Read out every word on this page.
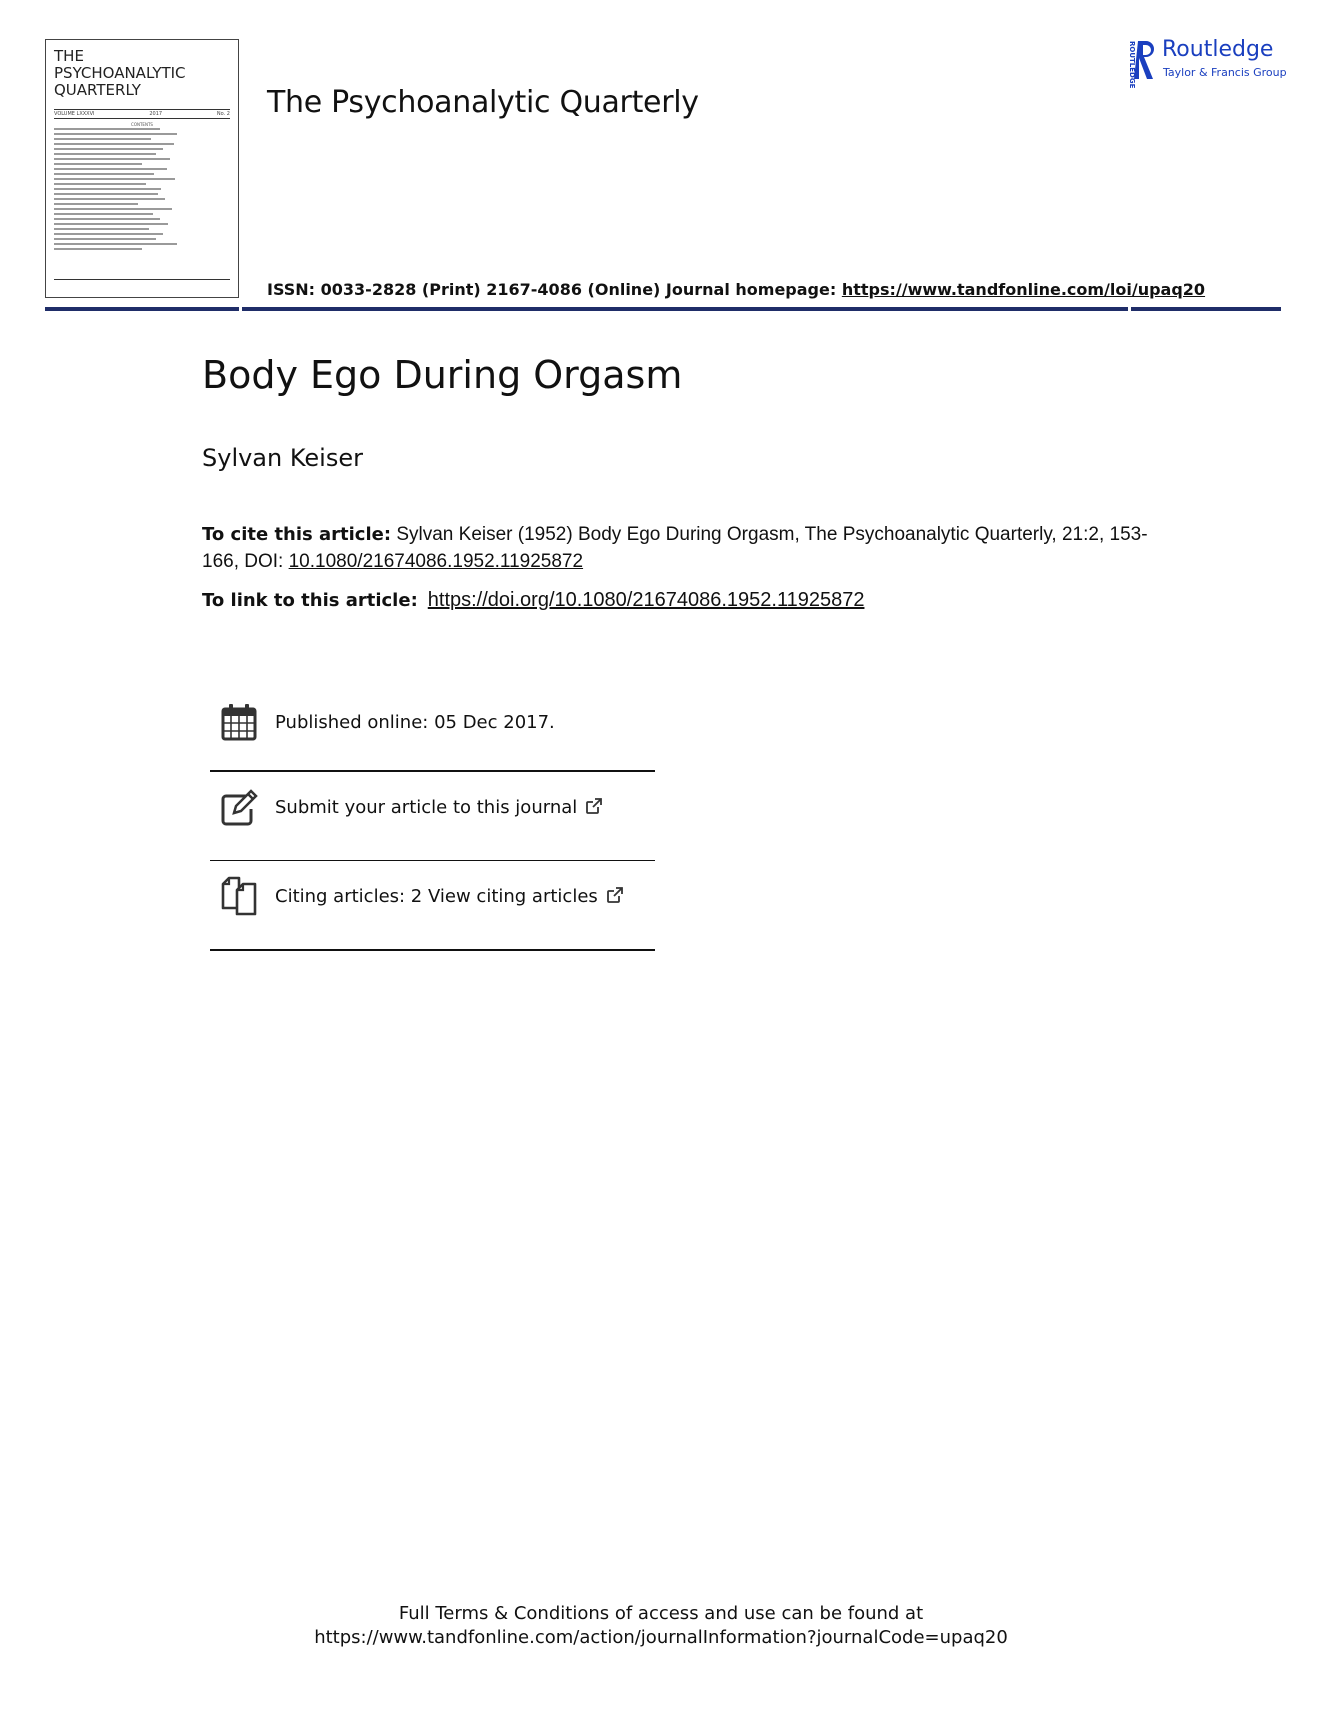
THE
PSYCHOANALYTIC
QUARTERLY
VOLUME LXXXVI	2017	No. 2
CONTENTS

The Psychoanalytic Quarterly
ISSN: 0033-2828 (Print) 2167-4086 (Online) Journal homepage: https://www.tandfonline.com/loi/upaq20
ROUTLEDGE Routledge
Taylor & Francis Group
Body Ego During Orgasm
Sylvan Keiser
To cite this article: Sylvan Keiser (1952) Body Ego During Orgasm, The Psychoanalytic Quarterly, 21:2, 153-166, DOI: 10.1080/21674086.1952.11925872
To link to this article: https://doi.org/10.1080/21674086.1952.11925872
Published online: 05 Dec 2017.
Submit your article to this journal
Citing articles: 2 View citing articles
Full Terms & Conditions of access and use can be found at
https://www.tandfonline.com/action/journalInformation?journalCode=upaq20
